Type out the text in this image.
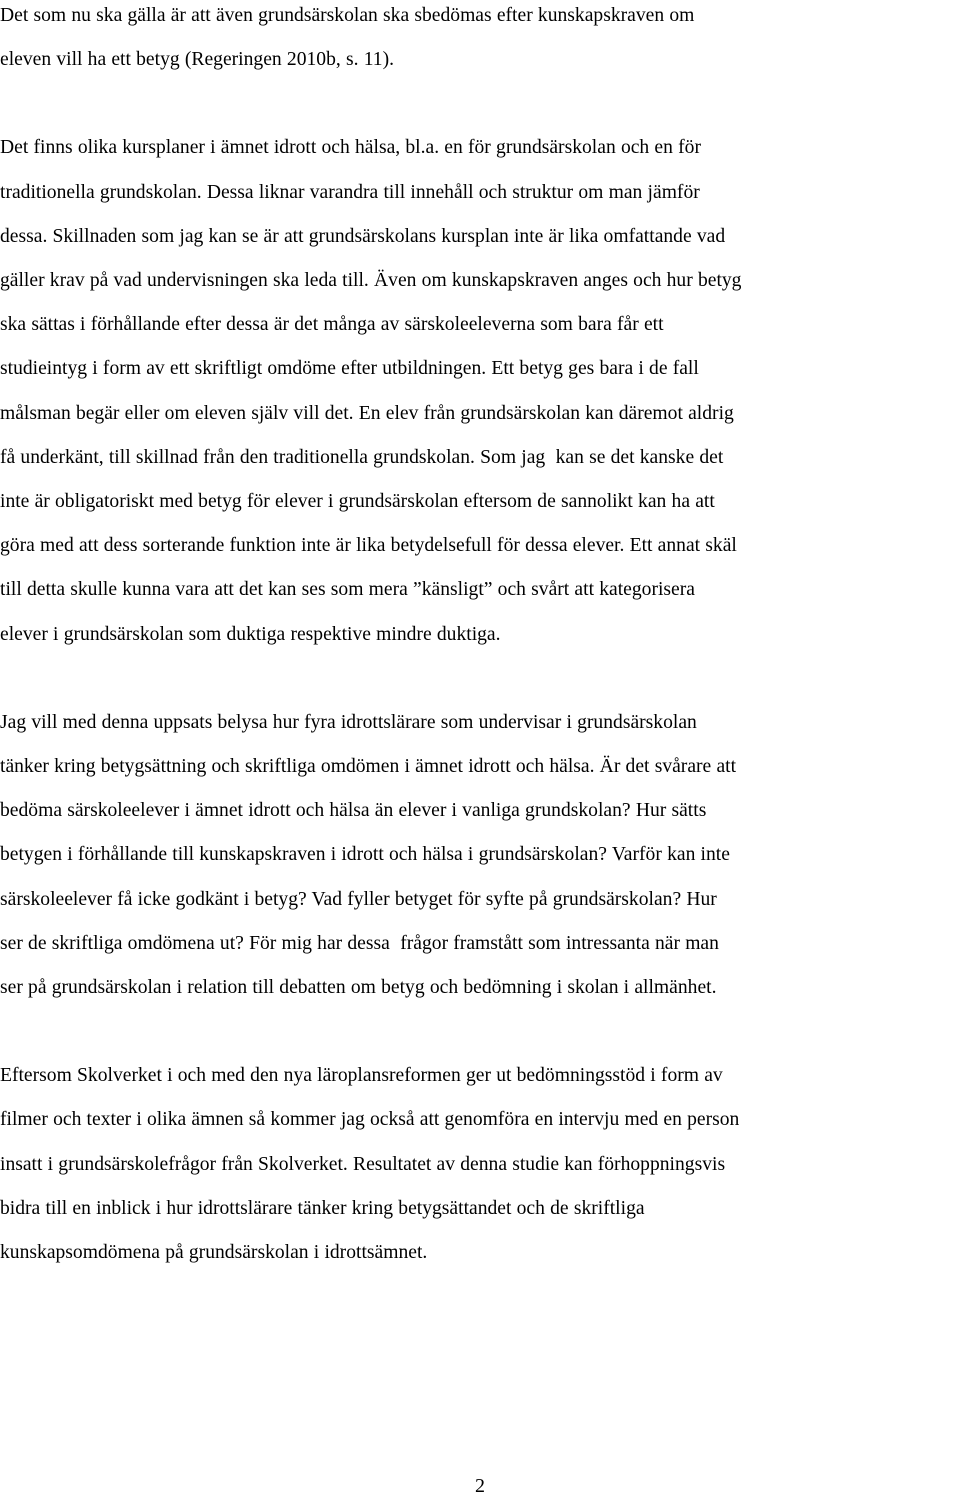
Det som nu ska gälla är att även grundsärskolan ska sbedömas efter kunskapskraven om
eleven vill ha ett betyg (Regeringen 2010b, s. 11).

Det finns olika kursplaner i ämnet idrott och hälsa, bl.a. en för grundsärskolan och en för
traditionella grundskolan. Dessa liknar varandra till innehåll och struktur om man jämför
dessa. Skillnaden som jag kan se är att grundsärskolans kursplan inte är lika omfattande vad
gäller krav på vad undervisningen ska leda till. Även om kunskapskraven anges och hur betyg
ska sättas i förhållande efter dessa är det många av särskoleeleverna som bara får ett
studieintyg i form av ett skriftligt omdöme efter utbildningen. Ett betyg ges bara i de fall
målsman begär eller om eleven själv vill det. En elev från grundsärskolan kan däremot aldrig
få underkänt, till skillnad från den traditionella grundskolan. Som jag  kan se det kanske det
inte är obligatoriskt med betyg för elever i grundsärskolan eftersom de sannolikt kan ha att
göra med att dess sorterande funktion inte är lika betydelsefull för dessa elever. Ett annat skäl
till detta skulle kunna vara att det kan ses som mera ”känsligt” och svårt att kategorisera
elever i grundsärskolan som duktiga respektive mindre duktiga.

Jag vill med denna uppsats belysa hur fyra idrottslärare som undervisar i grundsärskolan
tänker kring betygsättning och skriftliga omdömen i ämnet idrott och hälsa. Är det svårare att
bedöma särskoleelever i ämnet idrott och hälsa än elever i vanliga grundskolan? Hur sätts
betygen i förhållande till kunskapskraven i idrott och hälsa i grundsärskolan? Varför kan inte
särskoleelever få icke godkänt i betyg? Vad fyller betyget för syfte på grundsärskolan? Hur
ser de skriftliga omdömena ut? För mig har dessa  frågor framstått som intressanta när man
ser på grundsärskolan i relation till debatten om betyg och bedömning i skolan i allmänhet.

Eftersom Skolverket i och med den nya läroplansreformen ger ut bedömningsstöd i form av
filmer och texter i olika ämnen så kommer jag också att genomföra en intervju med en person
insatt i grundsärskolefrågor från Skolverket. Resultatet av denna studie kan förhoppningsvis
bidra till en inblick i hur idrottslärare tänker kring betygsättandet och de skriftliga
kunskapsomdömena på grundsärskolan i idrottsämnet.

2
